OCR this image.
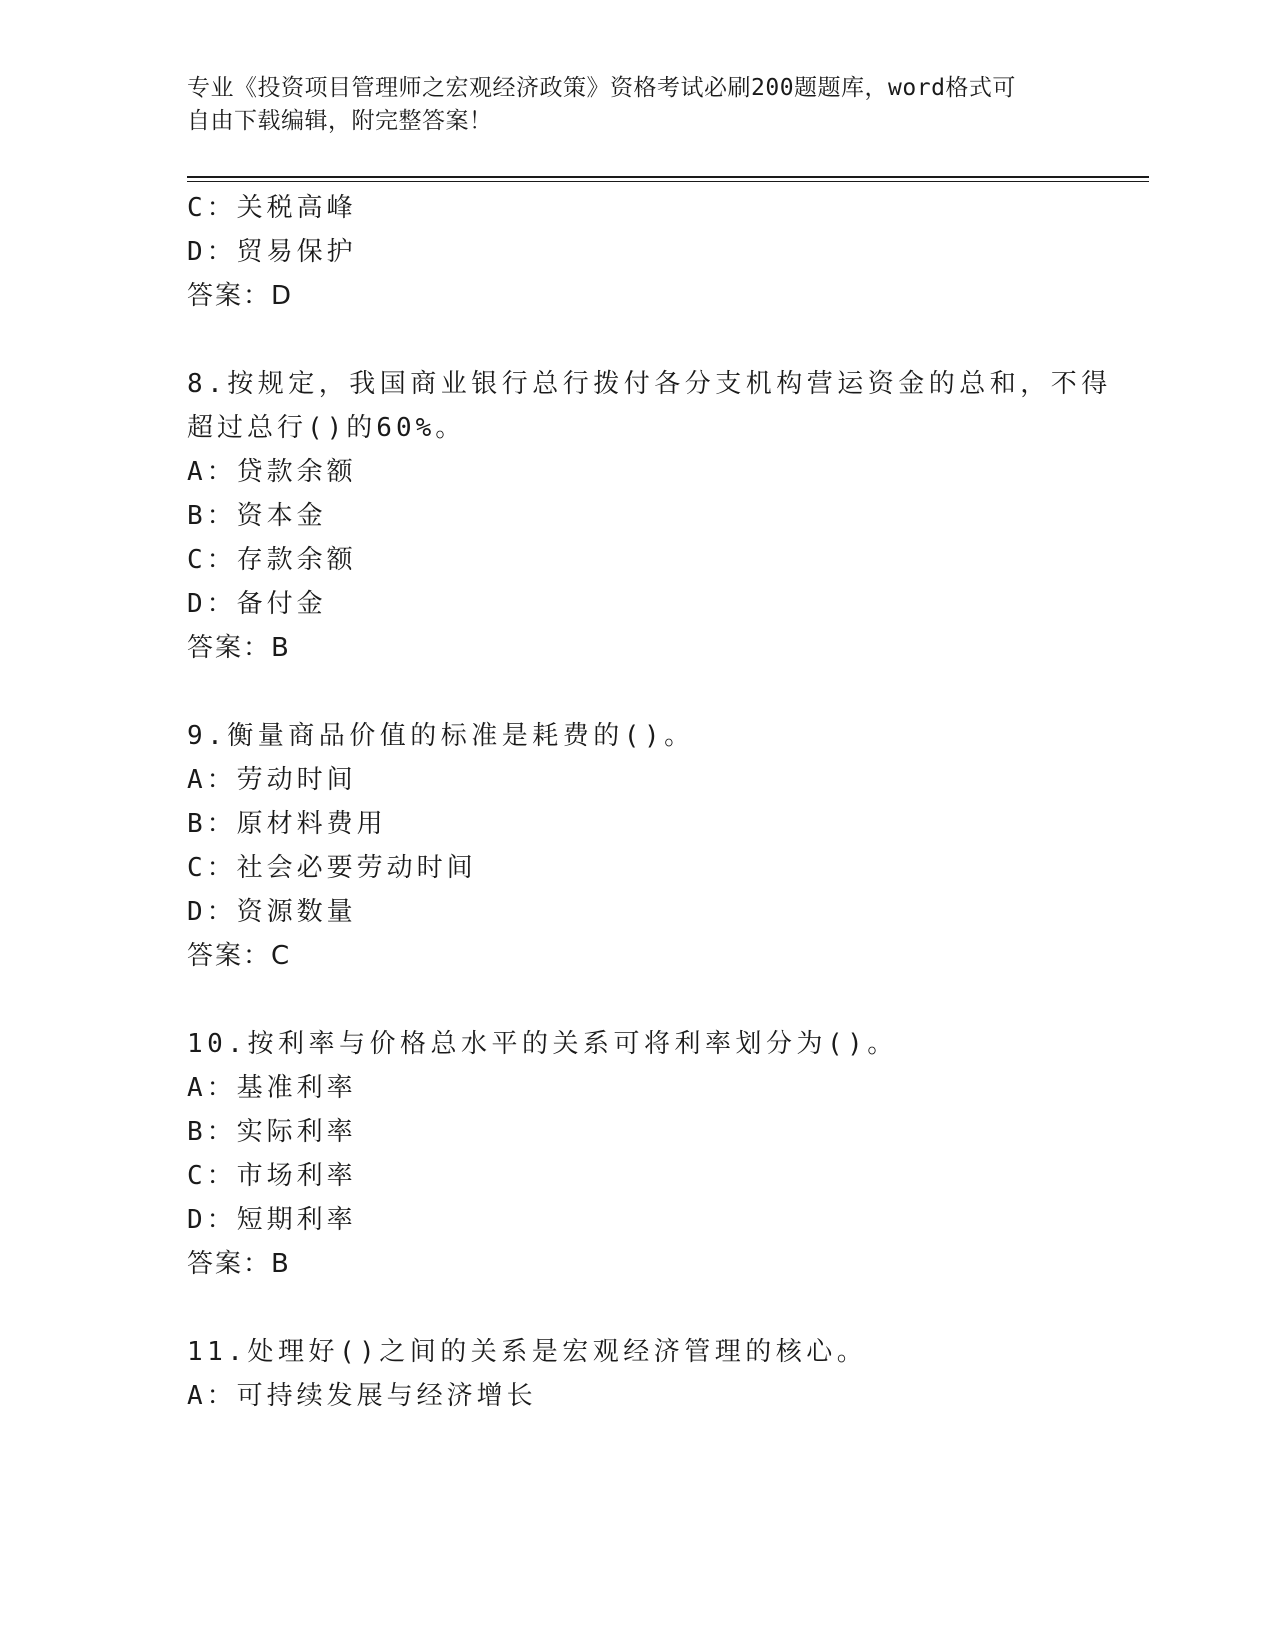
专业《投资项目管理师之宏观经济政策》资格考试必刷200题题库，word格式可
自由下载编辑，附完整答案！
C：关税高峰
D：贸易保护
答案：D
8.按规定，我国商业银行总行拨付各分支机构营运资金的总和，不得
超过总行()的60%。
A：贷款余额
B：资本金
C：存款余额
D：备付金
答案：B
9.衡量商品价值的标准是耗费的()。
A：劳动时间
B：原材料费用
C：社会必要劳动时间
D：资源数量
答案：C
10.按利率与价格总水平的关系可将利率划分为()。
A：基准利率
B：实际利率
C：市场利率
D：短期利率
答案：B
11.处理好()之间的关系是宏观经济管理的核心。
A：可持续发展与经济增长
